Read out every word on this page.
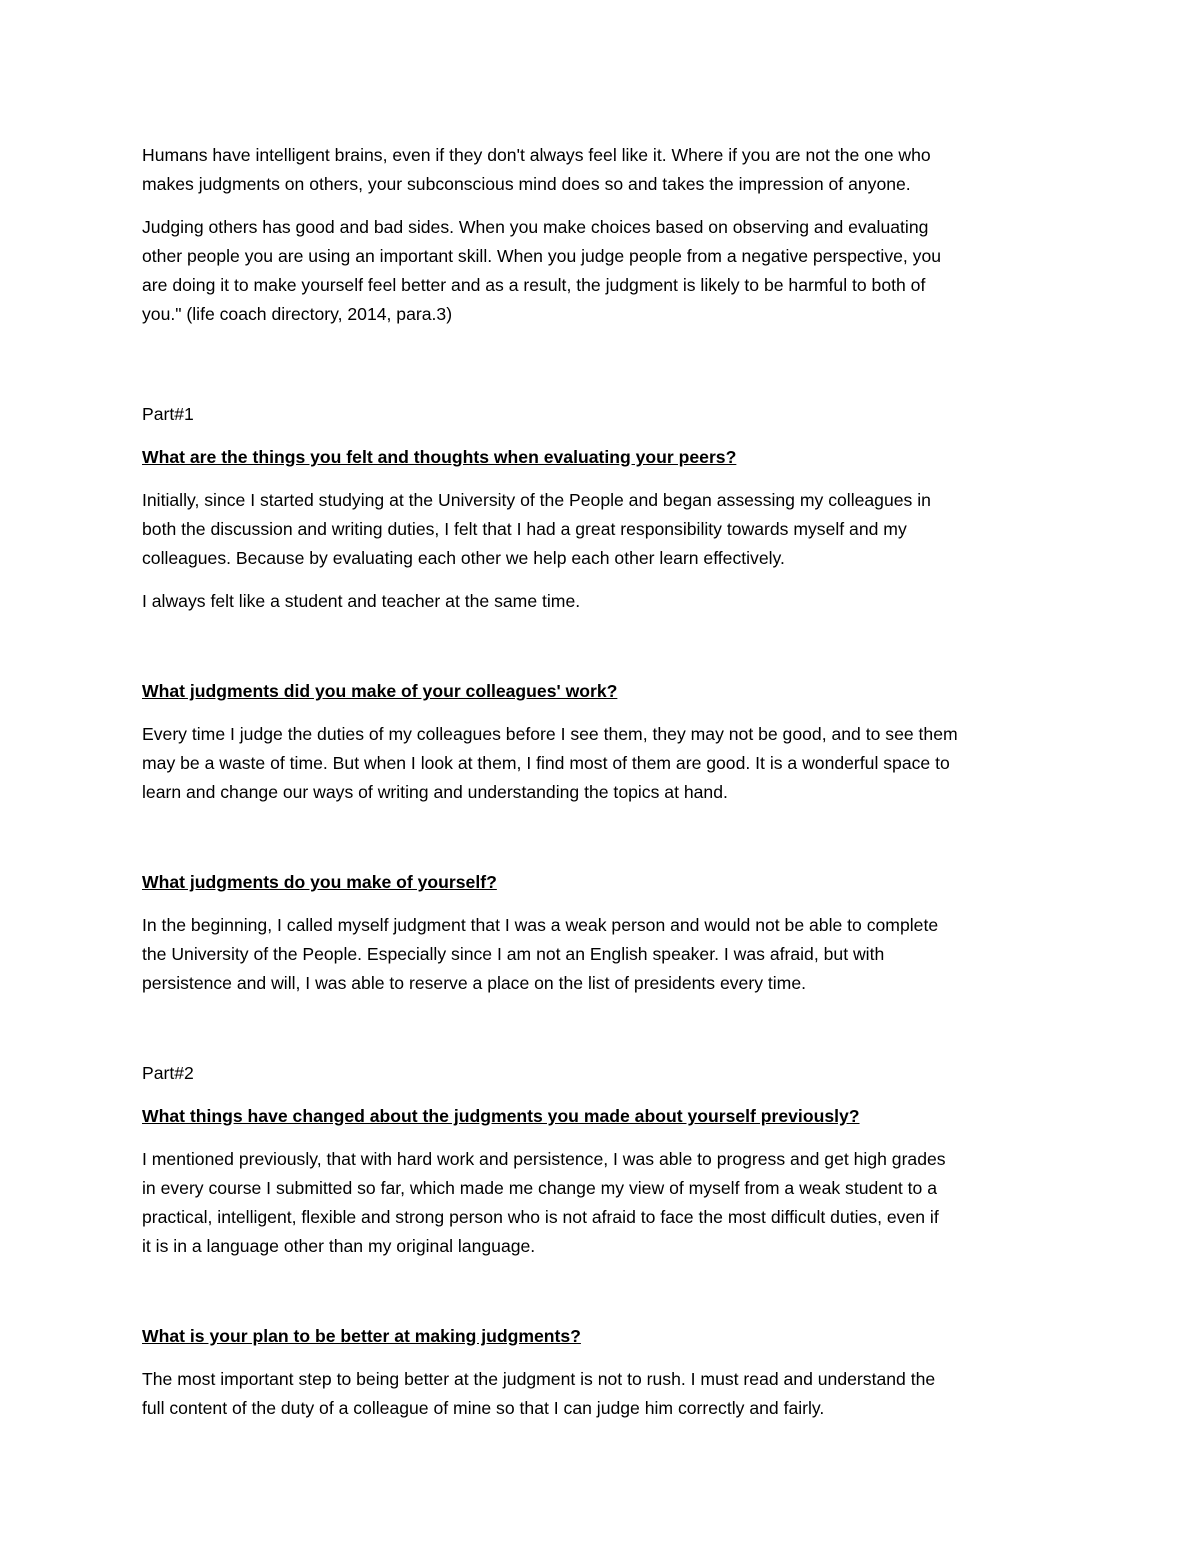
Humans have intelligent brains, even if they don't always feel like it. Where if you are not the one who
makes judgments on others, your subconscious mind does so and takes the impression of anyone.

Judging others has good and bad sides. When you make choices based on observing and evaluating
other people you are using an important skill. When you judge people from a negative perspective, you
are doing it to make yourself feel better and as a result, the judgment is likely to be harmful to both of
you." (life coach directory, 2014, para.3)

Part#1

What are the things you felt and thoughts when evaluating your peers?

Initially, since I started studying at the University of the People and began assessing my colleagues in
both the discussion and writing duties, I felt that I had a great responsibility towards myself and my
colleagues. Because by evaluating each other we help each other learn effectively.

I always felt like a student and teacher at the same time.

What judgments did you make of your colleagues' work?

Every time I judge the duties of my colleagues before I see them, they may not be good, and to see them
may be a waste of time. But when I look at them, I find most of them are good. It is a wonderful space to
learn and change our ways of writing and understanding the topics at hand.

What judgments do you make of yourself?

In the beginning, I called myself judgment that I was a weak person and would not be able to complete
the University of the People. Especially since I am not an English speaker. I was afraid, but with
persistence and will, I was able to reserve a place on the list of presidents every time.

Part#2

What things have changed about the judgments you made about yourself previously?

I mentioned previously, that with hard work and persistence, I was able to progress and get high grades
in every course I submitted so far, which made me change my view of myself from a weak student to a
practical, intelligent, flexible and strong person who is not afraid to face the most difficult duties, even if
it is in a language other than my original language.

What is your plan to be better at making judgments?

The most important step to being better at the judgment is not to rush. I must read and understand the
full content of the duty of a colleague of mine so that I can judge him correctly and fairly.
